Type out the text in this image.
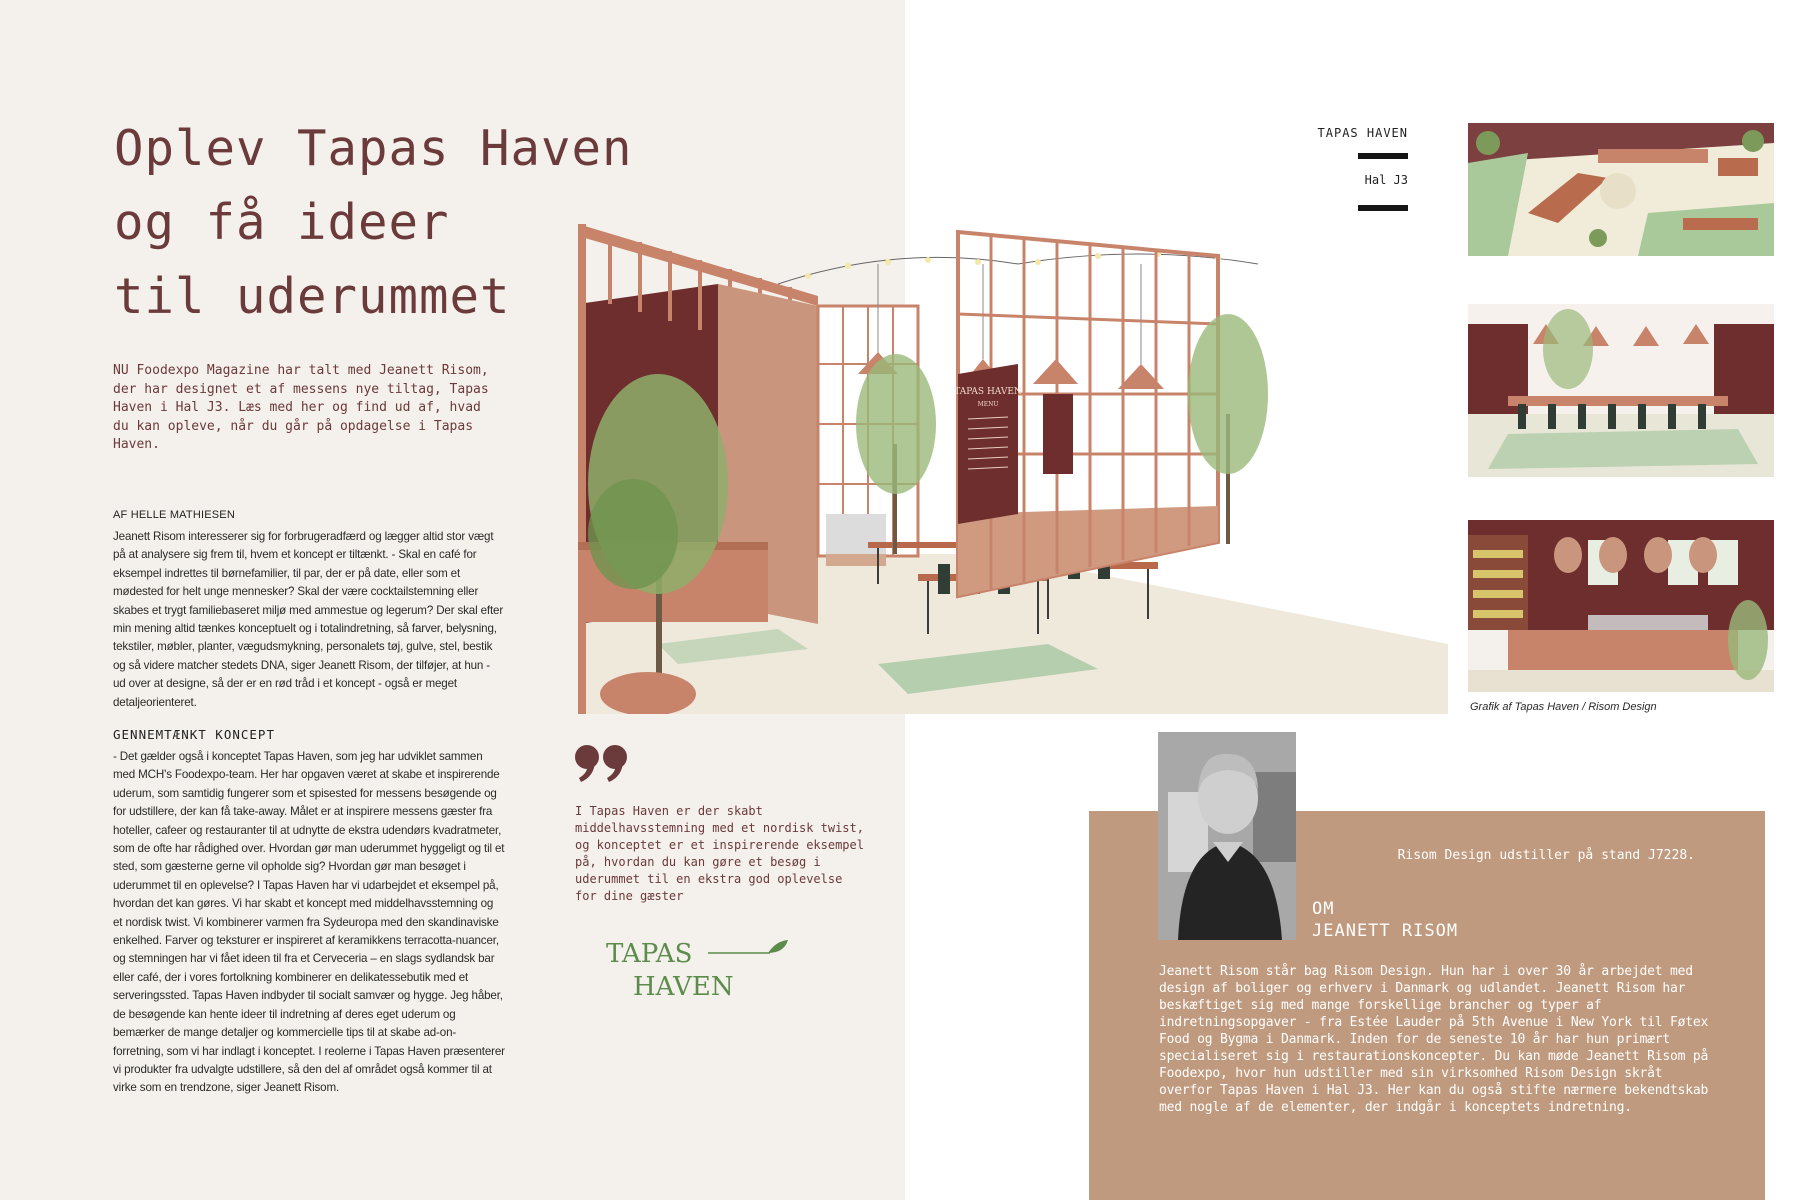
Oplev Tapas Haven
og få ideer
til uderummet

NU Foodexpo Magazine har talt med Jeanett Risom, der har designet et af messens nye tiltag, Tapas Haven i Hal J3. Læs med her og find ud af, hvad du kan opleve, når du går på opdagelse i Tapas Haven.

AF HELLE MATHIESEN

Jeanett Risom interesserer sig for forbrugeradfærd og lægger altid stor vægt på at analysere sig frem til, hvem et koncept er tiltænkt. - Skal en café for eksempel indrettes til børnefamilier, til par, der er på date, eller som et mødested for helt unge mennesker? Skal der være cocktailstemning eller skabes et trygt familiebaseret miljø med ammestue og legerum? Der skal efter min mening altid tænkes konceptuelt og i totalindretning, så farver, belysning, tekstiler, møbler, planter, vægudsmykning, personalets tøj, gulve, stel, bestik og så videre matcher stedets DNA, siger Jeanett Risom, der tilføjer, at hun - ud over at designe, så der er en rød tråd i et koncept - også er meget detaljeorienteret.

GENNEMTÆNKT KONCEPT

- Det gælder også i konceptet Tapas Haven, som jeg har udviklet sammen med MCH's Foodexpo-team. Her har opgaven været at skabe et inspirerende uderum, som samtidig fungerer som et spisested for messens besøgende og for udstillere, der kan få take-away. Målet er at inspirere messens gæster fra hoteller, cafeer og restauranter til at udnytte de ekstra udendørs kvadratmeter, som de ofte har rådighed over. Hvordan gør man uderummet hyggeligt og til et sted, som gæsterne gerne vil opholde sig? Hvordan gør man besøget i uderummet til en oplevelse? I Tapas Haven har vi udarbejdet et eksempel på, hvordan det kan gøres. Vi har skabt et koncept med middelhavsstemning og et nordisk twist. Vi kombinerer varmen fra Sydeuropa med den skandinaviske enkelhed. Farver og teksturer er inspireret af keramikkens terracotta-nuancer, og stemningen har vi fået ideen til fra et Cerveceria – en slags sydlandsk bar eller café, der i vores fortolkning kombinerer en delikatessebutik med et serveringssted. Tapas Haven indbyder til socialt samvær og hygge. Jeg håber, de besøgende kan hente ideer til indretning af deres eget uderum og bemærker de mange detaljer og kommercielle tips til at skabe ad-on-forretning, som vi har indlagt i konceptet. I reolerne i Tapas Haven præsenterer vi produkter fra udvalgte udstillere, så den del af området også kommer til at virke som en trendzone, siger Jeanett Risom.

TAPAS HAVEN
MENU

I Tapas Haven er der skabt middelhavsstemning med et nordisk twist, og konceptet er et inspirerende eksempel på, hvordan du kan gøre et besøg i uderummet til en ekstra god oplevelse for dine gæster

TAPAS
HAVEN
TAPAS HAVEN
Hal J3
Grafik af Tapas Haven / Risom Design

Risom Design udstiller på stand J7228.

OM
JEANETT RISOM

Jeanett Risom står bag Risom Design. Hun har i over 30 år arbejdet med design af boliger og erhverv i Danmark og udlandet. Jeanett Risom har beskæftiget sig med mange forskellige brancher og typer af indretningsopgaver - fra Estée Lauder på 5th Avenue i New York til Føtex Food og Bygma i Danmark. Inden for de seneste 10 år har hun primært specialiseret sig i restaurationskoncepter. Du kan møde Jeanett Risom på Foodexpo, hvor hun udstiller med sin virksomhed Risom Design skråt overfor Tapas Haven i Hal J3. Her kan du også stifte nærmere bekendtskab med nogle af de elementer, der indgår i konceptets indretning.
